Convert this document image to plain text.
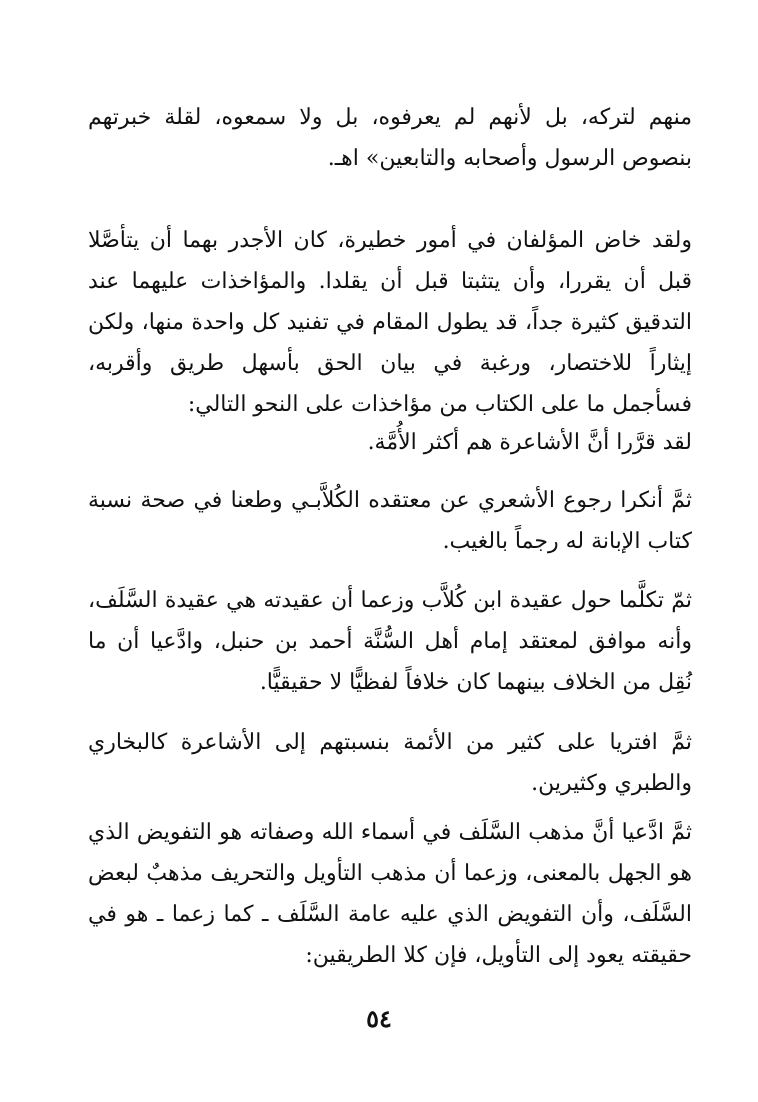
منهم لتركه، بل لأنهم لم يعرفوه، بل ولا سمعوه، لقلة خبرتهم بنصوص الرسول وأصحابه والتابعين» اهـ.

ولقد خاض المؤلفان في أمور خطيرة، كان الأجدر بهما أن يتأصَّلا قبل أن يقررا، وأن يتثبتا قبل أن يقلدا. والمؤاخذات عليهما عند التدقيق كثيرة جداً، قد يطول المقام في تفنيد كل واحدة منها، ولكن إيثاراً للاختصار، ورغبة في بيان الحق بأسهل طريق وأقربه، فسأجمل ما على الكتاب من مؤاخذات على النحو التالي:

لقد قرَّرا أنَّ الأشاعرة هم أكثر الأُمَّة.

ثمَّ أنكرا رجوع الأشعري عن معتقده الكُلاَّبـي وطعنا في صحة نسبة كتاب الإبانة له رجماً بالغيب.

ثمّ تكلَّما حول عقيدة ابن كُلاَّب وزعما أن عقيدته هي عقيدة السَّلَف، وأنه موافق لمعتقد إمام أهل السُّنَّة أحمد بن حنبل، وادَّعيا أن ما نُقِل من الخلاف بينهما كان خلافاً لفظيًّا لا حقيقيًّا.

ثمَّ افتريا على كثير من الأئمة بنسبتهم إلى الأشاعرة كالبخاري والطبري وكثيرين.

ثمَّ ادَّعيا أنَّ مذهب السَّلَف في أسماء الله وصفاته هو التفويض الذي هو الجهل بالمعنى، وزعما أن مذهب التأويل والتحريف مذهبٌ لبعض السَّلَف، وأن التفويض الذي عليه عامة السَّلَف ـ كما زعما ـ هو في حقيقته يعود إلى التأويل، فإن كلا الطريقين:

٥٤
